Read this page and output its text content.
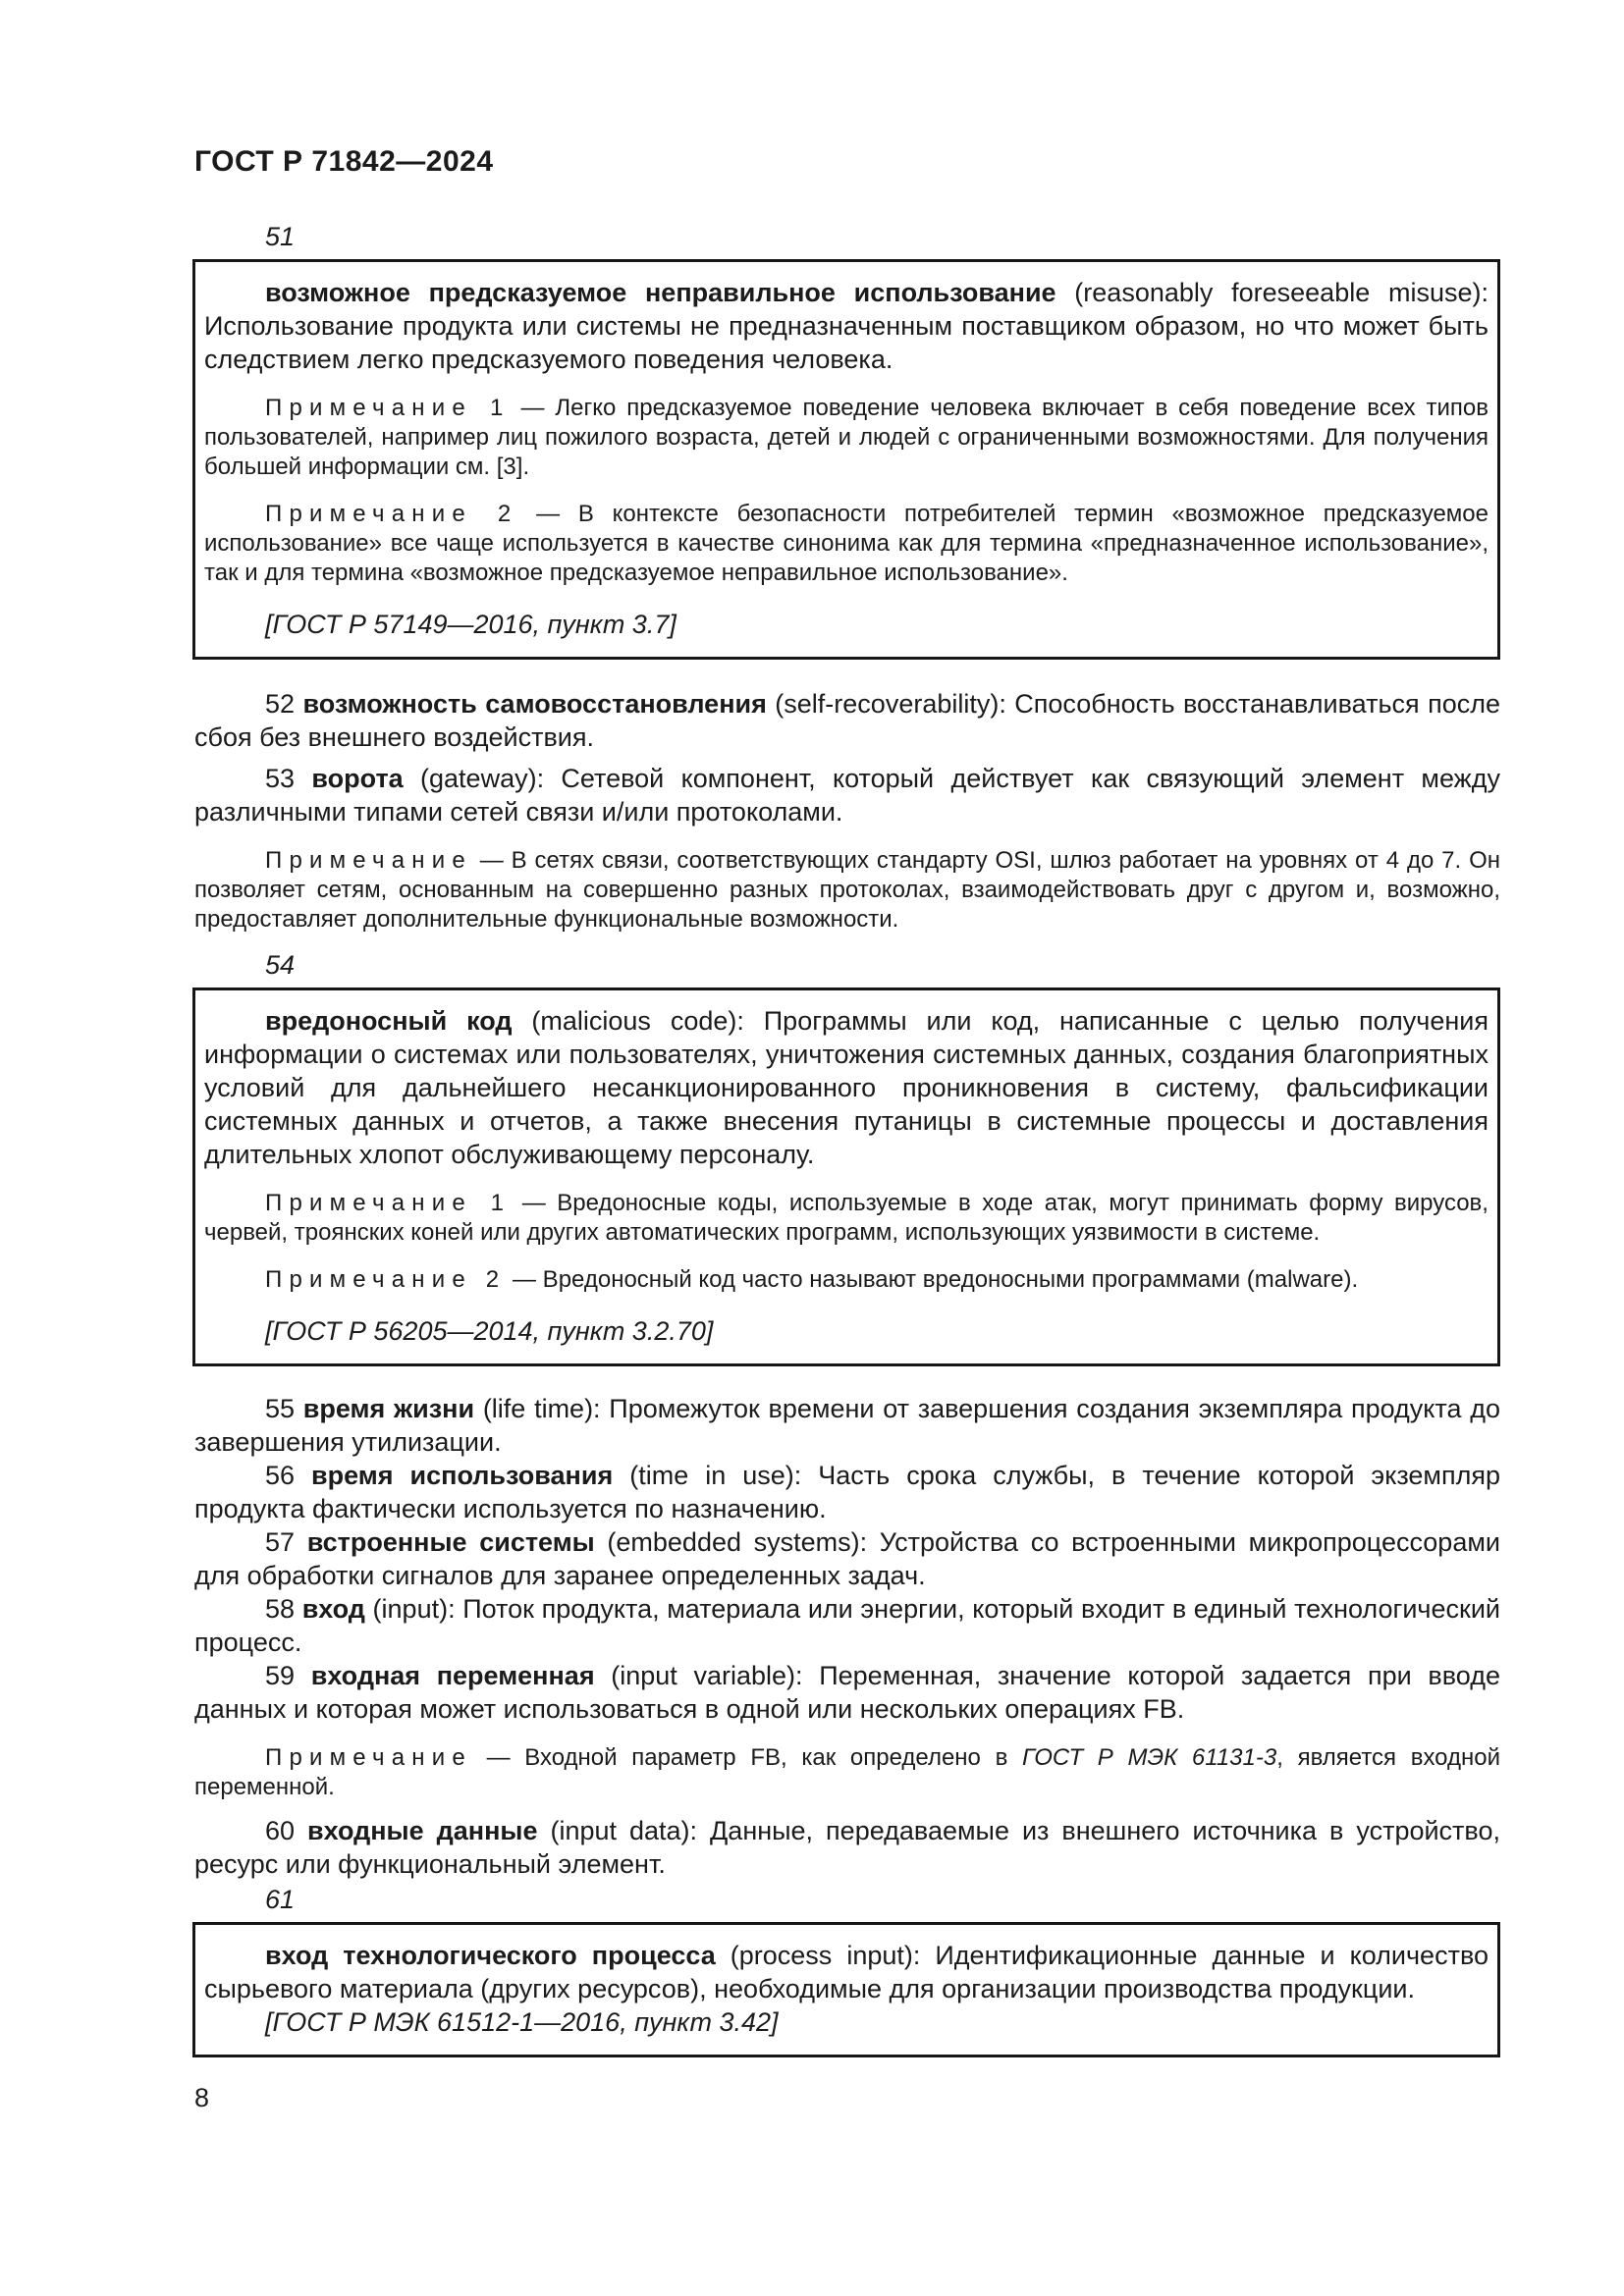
ГОСТ Р 71842—2024

51

возможное предсказуемое неправильное использование (reasonably foreseeable misuse): Использование продукта или системы не предназначенным поставщиком образом, но что может быть следствием легко предсказуемого поведения человека.

Примечание 1 — Легко предсказуемое поведение человека включает в себя поведение всех типов пользователей, например лиц пожилого возраста, детей и людей с ограниченными возможностями. Для получения большей информации см. [3].

Примечание 2 — В контексте безопасности потребителей термин «возможное предсказуемое использование» все чаще используется в качестве синонима как для термина «предназначенное использование», так и для термина «возможное предсказуемое неправильное использование».

[ГОСТ Р 57149—2016, пункт 3.7]

52 возможность самовосстановления (self-recoverability): Способность восстанавливаться после сбоя без внешнего воздействия.

53 ворота (gateway): Сетевой компонент, который действует как связующий элемент между различными типами сетей связи и/или протоколами.

Примечание — В сетях связи, соответствующих стандарту OSI, шлюз работает на уровнях от 4 до 7. Он позволяет сетям, основанным на совершенно разных протоколах, взаимодействовать друг с другом и, возможно, предоставляет дополнительные функциональные возможности.

54

вредоносный код (malicious code): Программы или код, написанные с целью получения информации о системах или пользователях, уничтожения системных данных, создания благоприятных условий для дальнейшего несанкционированного проникновения в систему, фальсификации системных данных и отчетов, а также внесения путаницы в системные процессы и доставления длительных хлопот обслуживающему персоналу.

Примечание 1 — Вредоносные коды, используемые в ходе атак, могут принимать форму вирусов, червей, троянских коней или других автоматических программ, использующих уязвимости в системе.

Примечание 2 — Вредоносный код часто называют вредоносными программами (malware).

[ГОСТ Р 56205—2014, пункт 3.2.70]

55 время жизни (life time): Промежуток времени от завершения создания экземпляра продукта до завершения утилизации.

56 время использования (time in use): Часть срока службы, в течение которой экземпляр продукта фактически используется по назначению.

57 встроенные системы (embedded systems): Устройства со встроенными микропроцессорами для обработки сигналов для заранее определенных задач.

58 вход (input): Поток продукта, материала или энергии, который входит в единый технологический процесс.

59 входная переменная (input variable): Переменная, значение которой задается при вводе данных и которая может использоваться в одной или нескольких операциях FB.

Примечание — Входной параметр FB, как определено в ГОСТ Р МЭК 61131-3, является входной переменной.

60 входные данные (input data): Данные, передаваемые из внешнего источника в устройство, ресурс или функциональный элемент.

61

вход технологического процесса (process input): Идентификационные данные и количество сырьевого материала (других ресурсов), необходимые для организации производства продукции.

[ГОСТ Р МЭК 61512-1—2016, пункт 3.42]

8
